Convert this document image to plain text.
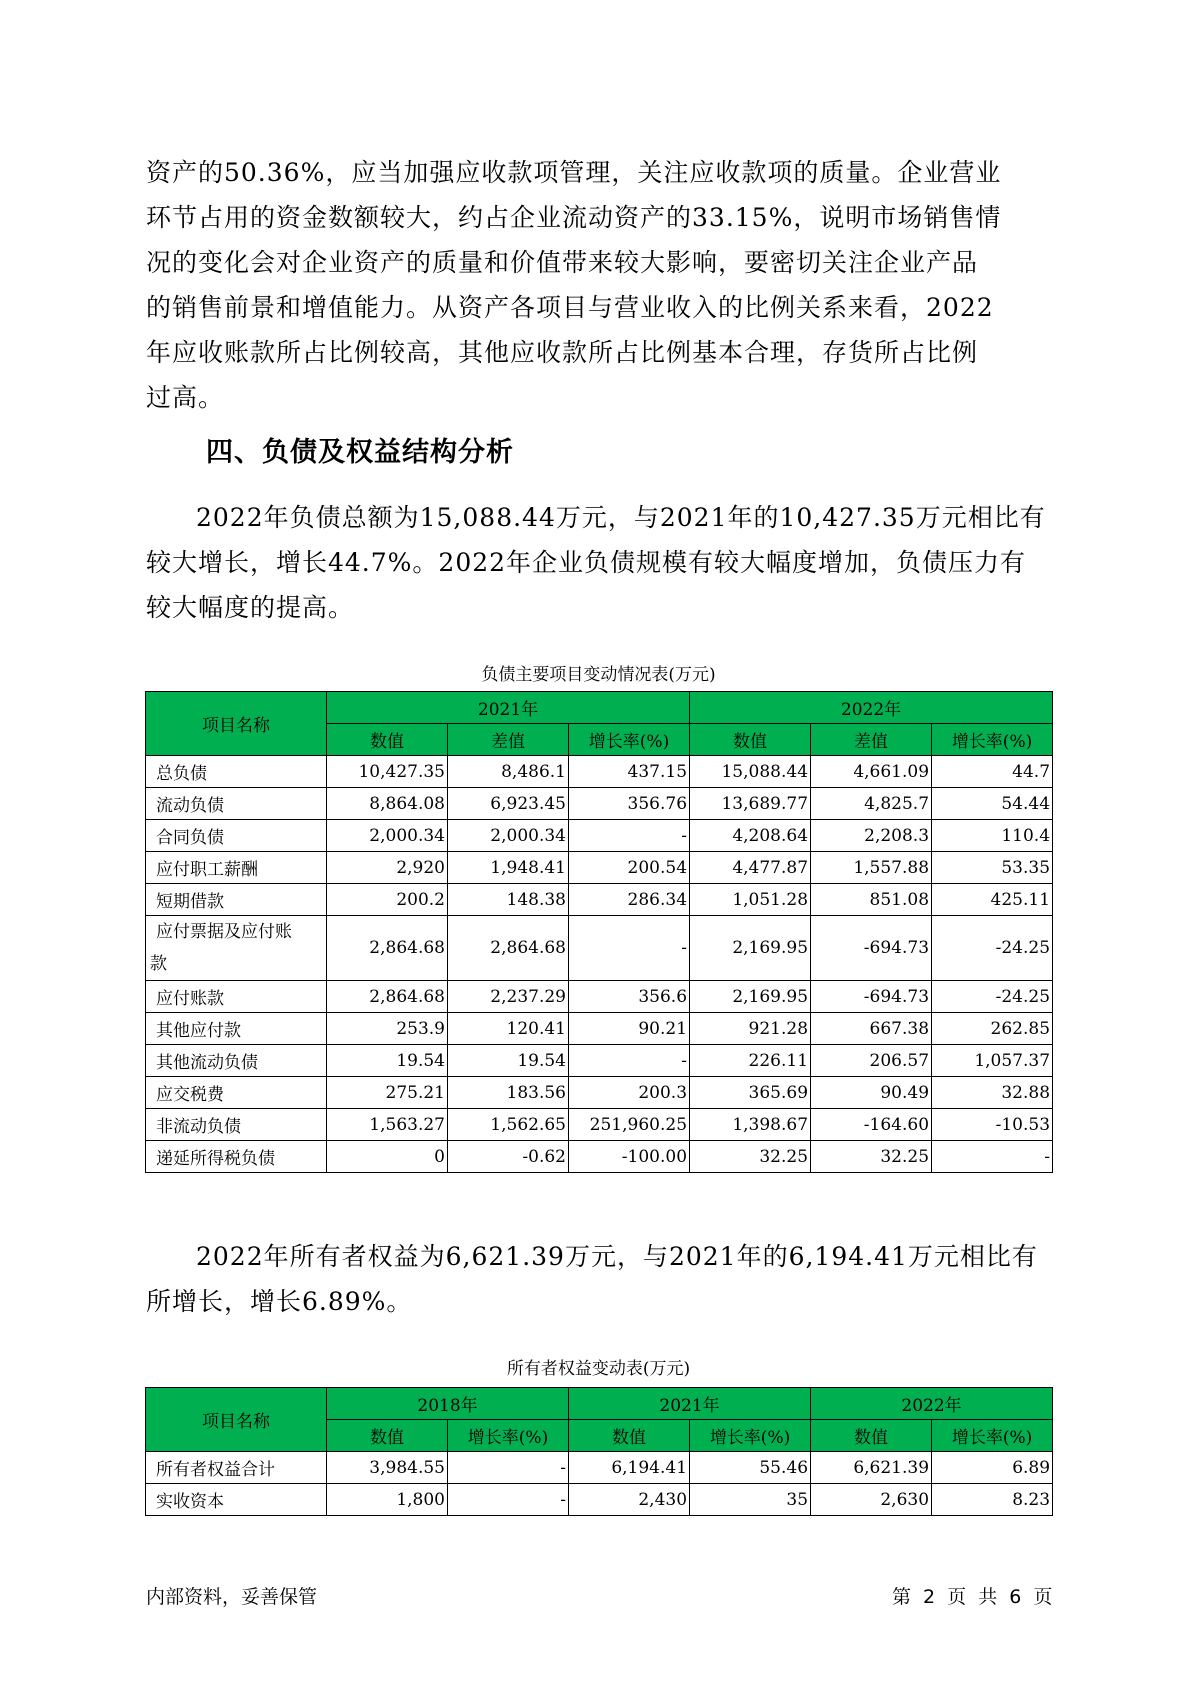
资产的50.36%，应当加强应收款项管理，关注应收款项的质量。企业营业
环节占用的资金数额较大，约占企业流动资产的33.15%，说明市场销售情
况的变化会对企业资产的质量和价值带来较大影响，要密切关注企业产品
的销售前景和增值能力。从资产各项目与营业收入的比例关系来看，2022
年应收账款所占比例较高，其他应收款所占比例基本合理，存货所占比例
过高。

四、负债及权益结构分析

2022年负债总额为15,088.44万元，与2021年的10,427.35万元相比有
较大增长，增长44.7%。2022年企业负债规模有较大幅度增加，负债压力有
较大幅度的提高。

负债主要项目变动情况表(万元)

项目名称	2021年			2022年		
	数值	差值	增长率(%)	数值	差值	增长率(%)
总负债	10,427.35	8,486.1	437.15	15,088.44	4,661.09	44.7
流动负债	8,864.08	6,923.45	356.76	13,689.77	4,825.7	54.44
合同负债	2,000.34	2,000.34	-	4,208.64	2,208.3	110.4
应付职工薪酬	2,920	1,948.41	200.54	4,477.87	1,557.88	53.35
短期借款	200.2	148.38	286.34	1,051.28	851.08	425.11

应付票据及应付账
款	2,864.68	2,864.68	-	2,169.95	-694.73	-24.25
应付账款	2,864.68	2,237.29	356.6	2,169.95	-694.73	-24.25
其他应付款	253.9	120.41	90.21	921.28	667.38	262.85
其他流动负债	19.54	19.54	-	226.11	206.57	1,057.37
应交税费	275.21	183.56	200.3	365.69	90.49	32.88
非流动负债	1,563.27	1,562.65	251,960.25	1,398.67	-164.60	-10.53
递延所得税负债	0	-0.62	-100.00	32.25	32.25	-

2022年所有者权益为6,621.39万元，与2021年的6,194.41万元相比有
所增长，增长6.89%。

所有者权益变动表(万元)

项目名称	2018年		2021年		2022年	
	数值	增长率(%)	数值	增长率(%)	数值	增长率(%)
所有者权益合计	3,984.55	-	6,194.41	55.46	6,621.39	6.89
实收资本	1,800	-	2,430	35	2,630	8.23

内部资料，妥善保管	第 2 页 共 6 页
